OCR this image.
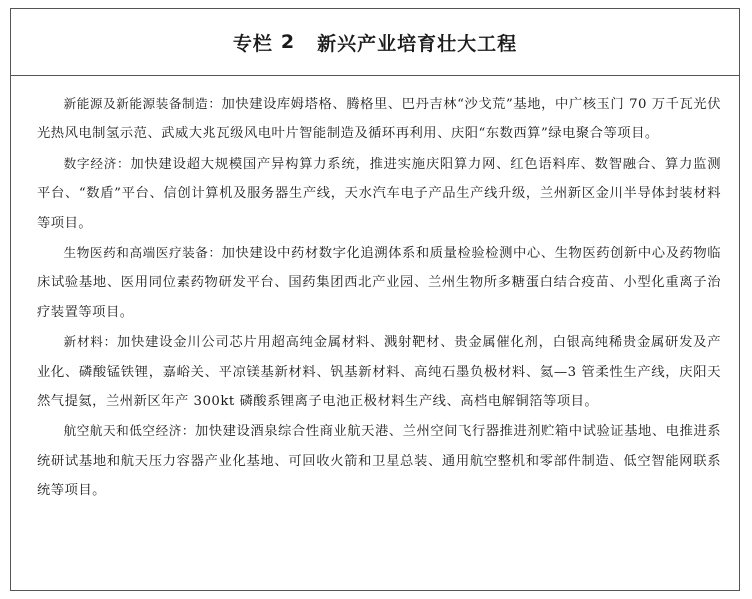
专栏 2 新兴产业培育壮大工程

新能源及新能源装备制造：加快建设库姆塔格、腾格里、巴丹吉林“沙戈荒”基地，中广核玉门 70 万千瓦光伏光热风电制氢示范、武威大兆瓦级风电叶片智能制造及循环再利用、庆阳“东数西算”绿电聚合等项目。

数字经济：加快建设超大规模国产异构算力系统，推进实施庆阳算力网、红色语料库、数智融合、算力监测平台、“数盾”平台、信创计算机及服务器生产线，天水汽车电子产品生产线升级，兰州新区金川半导体封装材料等项目。

生物医药和高端医疗装备：加快建设中药材数字化追溯体系和质量检验检测中心、生物医药创新中心及药物临床试验基地、医用同位素药物研发平台、国药集团西北产业园、兰州生物所多糖蛋白结合疫苗、小型化重离子治疗装置等项目。

新材料：加快建设金川公司芯片用超高纯金属材料、溅射靶材、贵金属催化剂，白银高纯稀贵金属研发及产业化、磷酸锰铁锂，嘉峪关、平凉镁基新材料、钒基新材料、高纯石墨负极材料、氦—3 管柔性生产线，庆阳天然气提氦，兰州新区年产 300kt 磷酸系锂离子电池正极材料生产线、高档电解铜箔等项目。

航空航天和低空经济：加快建设酒泉综合性商业航天港、兰州空间飞行器推进剂贮箱中试验证基地、电推进系统研试基地和航天压力容器产业化基地、可回收火箭和卫星总装、通用航空整机和零部件制造、低空智能网联系统等项目。
